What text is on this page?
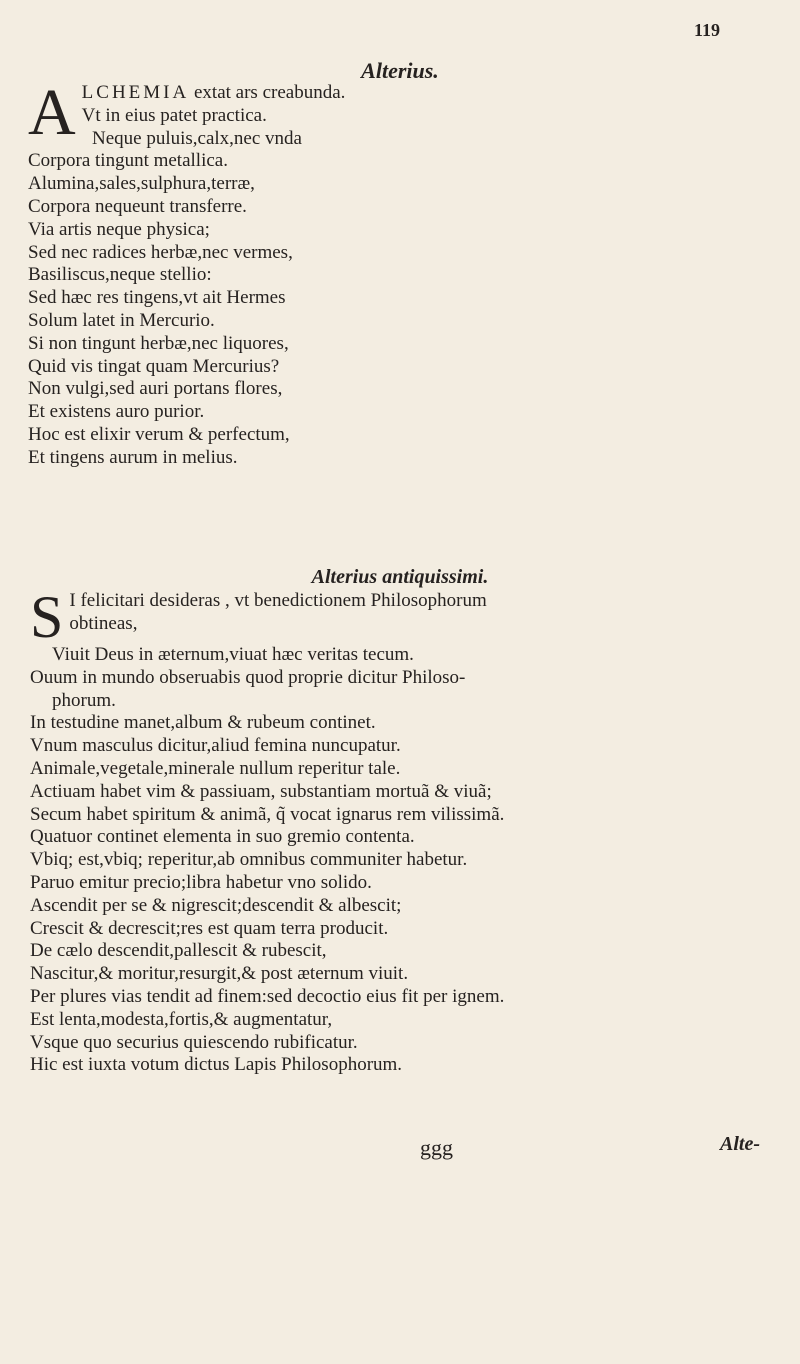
119
Alterius.
A LCHEMIA extat ars creabunda.
Vt in eius patet practica.
Neque puluis,calx,nec vnda
Corpora tingunt metallica.
Alumina,sales,sulphura,terræ,
Corpora nequeunt transferre.
Via artis neque physica;
Sed nec radices herbæ,nec vermes,
Basiliscus,neque stellio:
Sed hæc res tingens,vt ait Hermes
Solum latet in Mercurio.
Si non tingunt herbæ,nec liquores,
Quid vis tingat quam Mercurius?
Non vulgi,sed auri portans flores,
Et existens auro purior.
Hoc est elixir verum & perfectum,
Et tingens aurum in melius.
Alterius antiquissimi.
S I felicitari desideras , vt benedictionem Philosophorum
obtineas,
Viuit Deus in æternum,viuat hæc veritas tecum.
Ouum in mundo obseruabis quod proprie dicitur Philoso-
phorum.
In testudine manet,album & rubeum continet.
Vnum masculus dicitur,aliud femina nuncupatur.
Animale,vegetale,minerale nullum reperitur tale.
Actiuam habet vim & passiuam, substantiam mortuã & viuã;
Secum habet spiritum & animã, q̃ vocat ignarus rem vilissimã.
Quatuor continet elementa in suo gremio contenta.
Vbiq; est,vbiq; reperitur,ab omnibus communiter habetur.
Paruo emitur precio;libra habetur vno solido.
Ascendit per se & nigrescit;descendit & albescit;
Crescit & decrescit;res est quam terra producit.
De cælo descendit,pallescit & rubescit,
Nascitur,& moritur,resurgit,& post æternum viuit.
Per plures vias tendit ad finem:sed decoctio eius fit per ignem.
Est lenta,modesta,fortis,& augmentatur,
Vsque quo securius quiescendo rubificatur.
Hic est iuxta votum dictus Lapis Philosophorum.
ggg	Alte-
